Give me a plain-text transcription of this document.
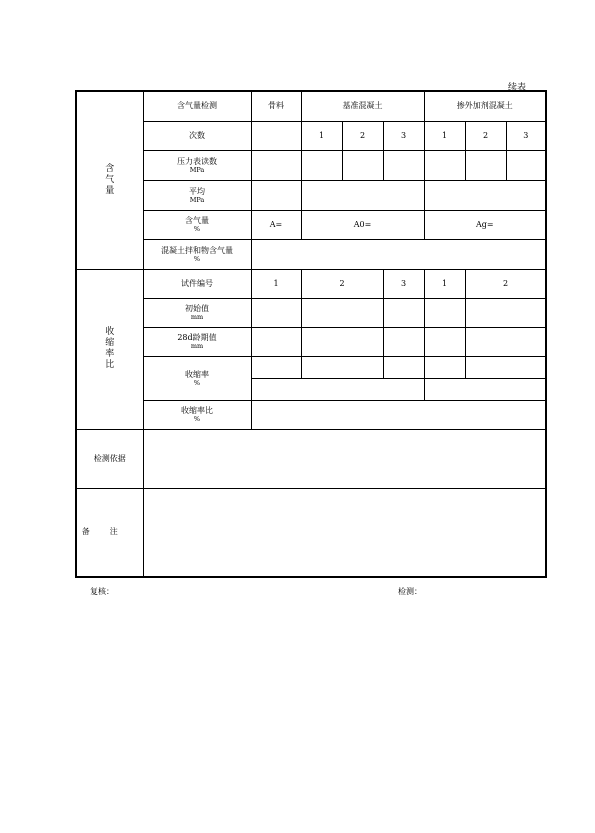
续表
含气量	含气量检测	骨料	基准混凝土			掺外加剂混凝土			
	次数		1	2	3	1	2	3	

	压力表读数
MPa								

	平均
MPa								

	含气量
%	A=	A0=			Ag=			

	混凝土拌和物含气量
%								

收缩率比	试件编号	1	2		3	1	2	

	初始值
mm								

	28d龄期值
mm								

	收缩率
%								

	收缩率比
%								

检测依据									
备注									
复核：	检测：
